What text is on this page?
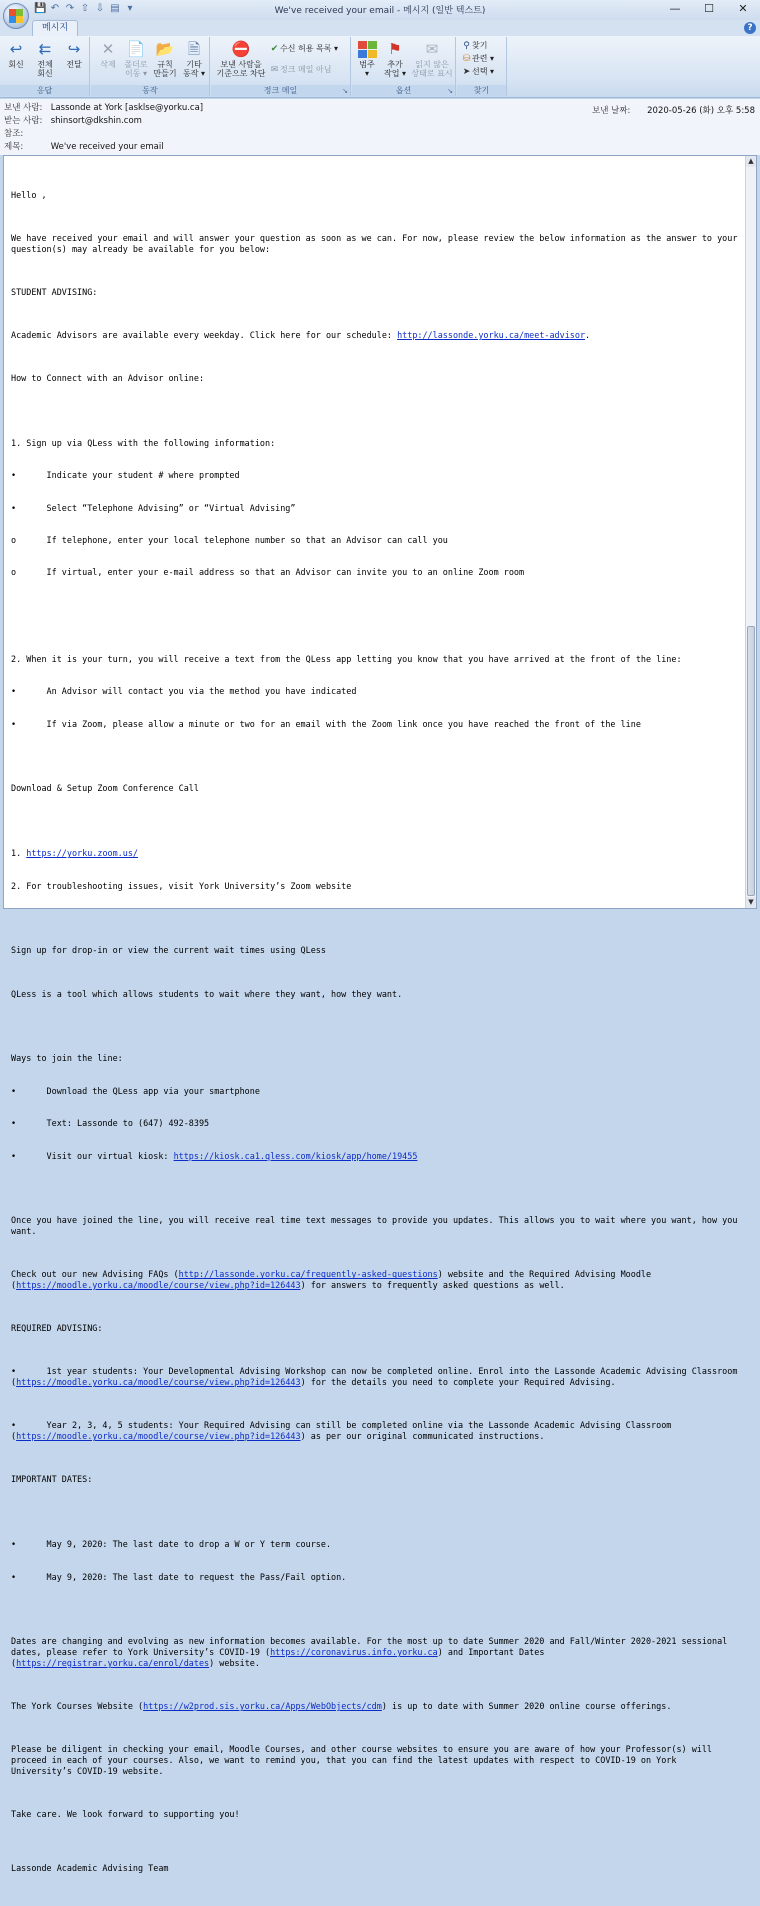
💾 ↶ ↷ ⇧ ⇩ ▤ ▾	We've received your email - 메시지 (일반 텍스트)	—	☐	✕
메시지	?
↩
회신
⇇
전체
회신
↪
전달
응답
✕
삭제
📄
폴더로
이동 ▾
📂
규칙
만들기
🗎
기타
동작 ▾
동작
⛔
보낸 사람을
기준으로 차단
✔ 수신 허용 목록 ▾
✉ 정크 메일 아님
정크 메일	↘
범주
▾
⚑
추가
작업 ▾
✉
읽지 않은
상태로 표시
옵션	↘
⚲ 찾기
⛁ 관련 ▾
➤ 선택 ▾
찾기
보낸 사람: Lassonde at York [asklse@yorku.ca]
받는 사람: shinsort@dkshin.com
참조:
제목:	We've received your email
보낸 날짜: 2020-05-26 (화) 오후 5:58

Hello ,

We have received your email and will answer your question as soon as we can. For now, please review the below information as the answer to your question(s) may already be available for you below:

STUDENT ADVISING:

Academic Advisors are available every weekday. Click here for our schedule: http://lassonde.yorku.ca/meet-advisor.

How to Connect with an Advisor online:

1. Sign up via QLess with the following information:

•      Indicate your student # where prompted

•      Select “Telephone Advising” or “Virtual Advising”

o      If telephone, enter your local telephone number so that an Advisor can call you

o      If virtual, enter your e-mail address so that an Advisor can invite you to an online Zoom room

2. When it is your turn, you will receive a text from the QLess app letting you know that you have arrived at the front of the line:

•      An Advisor will contact you via the method you have indicated

•      If via Zoom, please allow a minute or two for an email with the Zoom link once you have reached the front of the line

Download & Setup Zoom Conference Call

1. https://yorku.zoom.us/

2. For troubleshooting issues, visit York University’s Zoom website

Sign up for drop-in or view the current wait times using QLess

QLess is a tool which allows students to wait where they want, how they want.

Ways to join the line:

•      Download the QLess app via your smartphone

•      Text: Lassonde to (647) 492-8395

•      Visit our virtual kiosk: https://kiosk.ca1.qless.com/kiosk/app/home/19455

Once you have joined the line, you will receive real time text messages to provide you updates. This allows you to wait where you want, how you want.

Check out our new Advising FAQs (http://lassonde.yorku.ca/frequently-asked-questions) website and the Required Advising Moodle (https://moodle.yorku.ca/moodle/course/view.php?id=126443) for answers to frequently asked questions as well.

REQUIRED ADVISING:

•      1st year students: Your Developmental Advising Workshop can now be completed online. Enrol into the Lassonde Academic Advising Classroom (https://moodle.yorku.ca/moodle/course/view.php?id=126443) for the details you need to complete your Required Advising.

•      Year 2, 3, 4, 5 students: Your Required Advising can still be completed online via the Lassonde Academic Advising Classroom (https://moodle.yorku.ca/moodle/course/view.php?id=126443) as per our original communicated instructions.

IMPORTANT DATES:

•      May 9, 2020: The last date to drop a W or Y term course.

•      May 9, 2020: The last date to request the Pass/Fail option.

Dates are changing and evolving as new information becomes available. For the most up to date Summer 2020 and Fall/Winter 2020-2021 sessional dates, please refer to York University’s COVID-19 (https://coronavirus.info.yorku.ca) and Important Dates (https://registrar.yorku.ca/enrol/dates) website.

The York Courses Website (https://w2prod.sis.yorku.ca/Apps/WebObjects/cdm) is up to date with Summer 2020 online course offerings.

Please be diligent in checking your email, Moodle Courses, and other course websites to ensure you are aware of how your Professor(s) will proceed in each of your courses. Also, we want to remind you, that you can find the latest updates with respect to COVID-19 on York University’s COVID-19 website.

Take care. We look forward to supporting you!

Lassonde Academic Advising Team

▲
▼
